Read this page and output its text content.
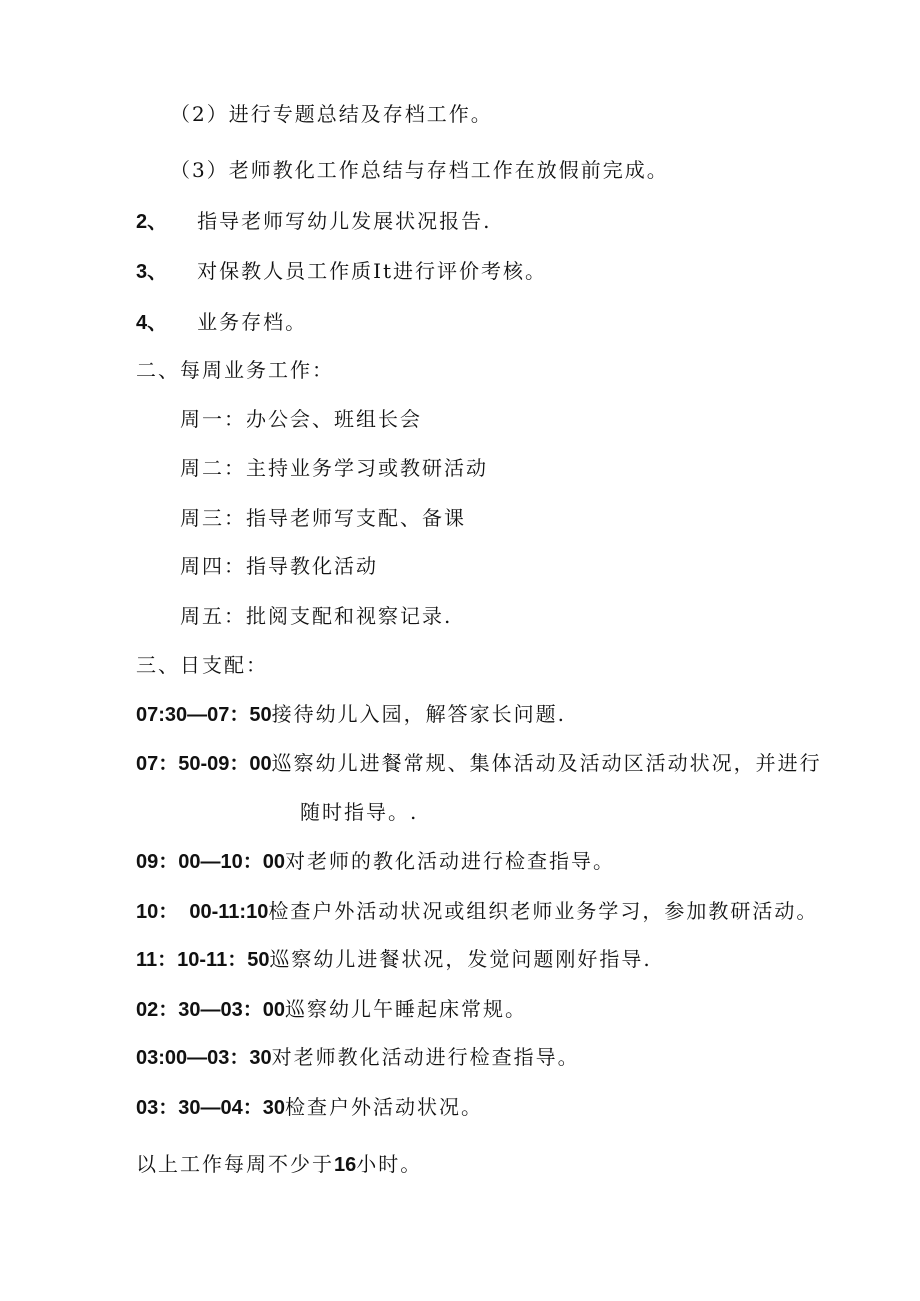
（2）进行专题总结及存档工作。
（3）老师教化工作总结与存档工作在放假前完成。
2、 指导老师写幼儿发展状况报告.
3、 对保教人员工作质It进行评价考核。
4、 业务存档。
二、每周业务工作：
周一：办公会、班组长会
周二：主持业务学习或教研活动
周三：指导老师写支配、备课
周四：指导教化活动
周五：批阅支配和视察记录.
三、日支配：
07:30—07：50接待幼儿入园，解答家长问题.
07：50-09：00巡察幼儿进餐常规、集体活动及活动区活动状况，并进行
随时指导。.
09：00—10：00对老师的教化活动进行检查指导。
10：  00-11:10检查户外活动状况或组织老师业务学习，参加教研活动。
11：10-11：50巡察幼儿进餐状况，发觉问题刚好指导.
02：30—03：00巡察幼儿午睡起床常规。
03:00—03：30对老师教化活动进行检查指导。
03：30—04：30检查户外活动状况。
以上工作每周不少于16小时。
